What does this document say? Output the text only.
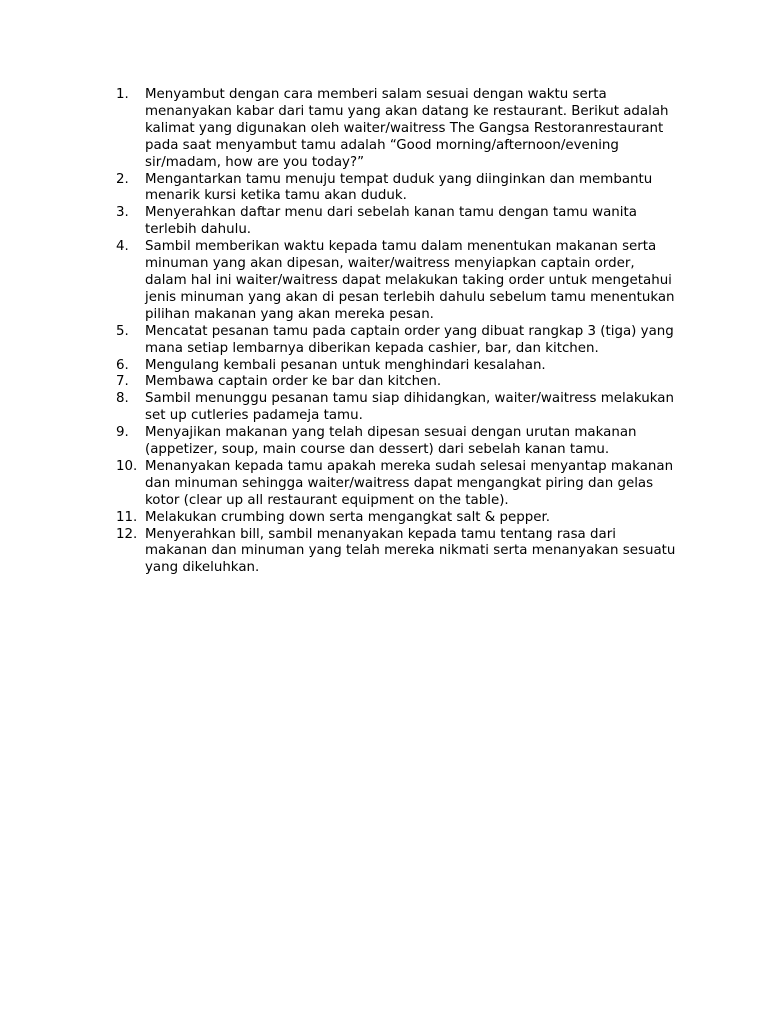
1. Menyambut dengan cara memberi salam sesuai dengan waktu serta menanyakan kabar dari tamu yang akan datang ke restaurant. Berikut adalah kalimat yang digunakan oleh waiter/waitress The Gangsa Restoranrestaurant pada saat menyambut tamu adalah “Good morning/afternoon/evening sir/madam, how are you today?”
2. Mengantarkan tamu menuju tempat duduk yang diinginkan dan membantu menarik kursi ketika tamu akan duduk.
3. Menyerahkan daftar menu dari sebelah kanan tamu dengan tamu wanita terlebih dahulu.
4. Sambil memberikan waktu kepada tamu dalam menentukan makanan serta minuman yang akan dipesan, waiter/waitress menyiapkan captain order, dalam hal ini waiter/waitress dapat melakukan taking order untuk mengetahui jenis minuman yang akan di pesan terlebih dahulu sebelum tamu menentukan pilihan makanan yang akan mereka pesan.
5. Mencatat pesanan tamu pada captain order yang dibuat rangkap 3 (tiga) yang mana setiap lembarnya diberikan kepada cashier, bar, dan kitchen.
6. Mengulang kembali pesanan untuk menghindari kesalahan.
7. Membawa captain order ke bar dan kitchen.
8. Sambil menunggu pesanan tamu siap dihidangkan, waiter/waitress melakukan set up cutleries padameja tamu.
9. Menyajikan makanan yang telah dipesan sesuai dengan urutan makanan (appetizer, soup, main course dan dessert) dari sebelah kanan tamu.
10. Menanyakan kepada tamu apakah mereka sudah selesai menyantap makanan dan minuman sehingga waiter/waitress dapat mengangkat piring dan gelas kotor (clear up all restaurant equipment on the table).
11. Melakukan crumbing down serta mengangkat salt & pepper.
12. Menyerahkan bill, sambil menanyakan kepada tamu tentang rasa dari makanan dan minuman yang telah mereka nikmati serta menanyakan sesuatu yang dikeluhkan.
